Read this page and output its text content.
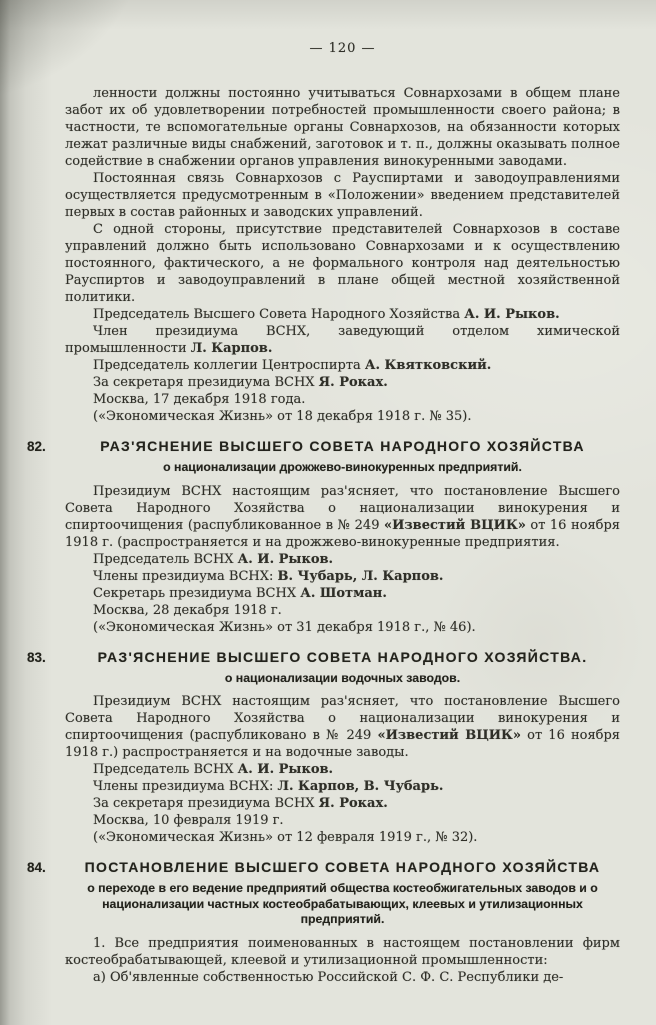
— 120 —

ленности должны постоянно учитываться Совнархозами в общем плане забот их об удовлетворении потребностей промышленности своего района; в частности, те вспомогательные органы Совнархозов, на обязанности которых лежат различные виды снабжений, заготовок и т. п., должны оказывать полное содействие в снабжении органов управления винокуренными заводами.

Постоянная связь Совнархозов с Рауспиртами и заводоуправлениями осуществляется предусмотренным в «Положении» введением представителей первых в состав районных и заводских управлений.

С одной стороны, присутствие представителей Совнархозов в составе управлений должно быть использовано Совнархозами и к осуществлению постоянного, фактического, а не формального контроля над деятельностью Рауспиртов и заводоуправлений в плане общей местной хозяйственной политики.

Председатель Высшего Совета Народного Хозяйства А. И. Рыков.

Член президиума ВСНХ, заведующий отделом химической промышленности Л. Карпов.

Председатель коллегии Центроспирта А. Квятковский.

За секретаря президиума ВСНХ Я. Роках.

Москва, 17 декабря 1918 года.

(«Экономическая Жизнь» от 18 декабря 1918 г. № 35).

82.	РАЗ'ЯСНЕНИЕ ВЫСШЕГО СОВЕТА НАРОДНОГО ХОЗЯЙСТВА
о национализации дрожжево-винокуренных предприятий.

Президиум ВСНХ настоящим раз'ясняет, что постановление Высшего Совета Народного Хозяйства о национализации винокурения и спиртоочищения (распубликованное в № 249 «Известий ВЦИК» от 16 ноября 1918 г. (распространяется и на дрожжево-винокуренные предприятия.

Председатель ВСНХ А. И. Рыков.

Члены президиума ВСНХ: В. Чубарь, Л. Карпов.

Секретарь президиума ВСНХ А. Шотман.

Москва, 28 декабря 1918 г.

(«Экономическая Жизнь» от 31 декабря 1918 г., № 46).

83.	РАЗ'ЯСНЕНИЕ ВЫСШЕГО СОВЕТА НАРОДНОГО ХОЗЯЙСТВА.
о национализации водочных заводов.

Президиум ВСНХ настоящим раз'ясняет, что постановление Высшего Совета Народного Хозяйства о национализации винокурения и спиртоочищения (распубликовано в № 249 «Известий ВЦИК» от 16 ноября 1918 г.) распространяется и на водочные заводы.

Председатель ВСНХ А. И. Рыков.

Члены президиума ВСНХ: Л. Карпов, В. Чубарь.

За секретаря президиума ВСНХ Я. Роках.

Москва, 10 февраля 1919 г.

(«Экономическая Жизнь» от 12 февраля 1919 г., № 32).

84.	ПОСТАНОВЛЕНИЕ ВЫСШЕГО СОВЕТА НАРОДНОГО ХОЗЯЙСТВА
о переходе в его ведение предприятий общества костеобжигательных заводов и о национализации частных костеобрабатывающих, клеевых и утилизационных предприятий.

1. Все предприятия поименованных в настоящем постановлении фирм костеобрабатывающей, клеевой и утилизационной промышленности:

а) Об'явленные собственностью Российской С. Ф. С. Республики де-
